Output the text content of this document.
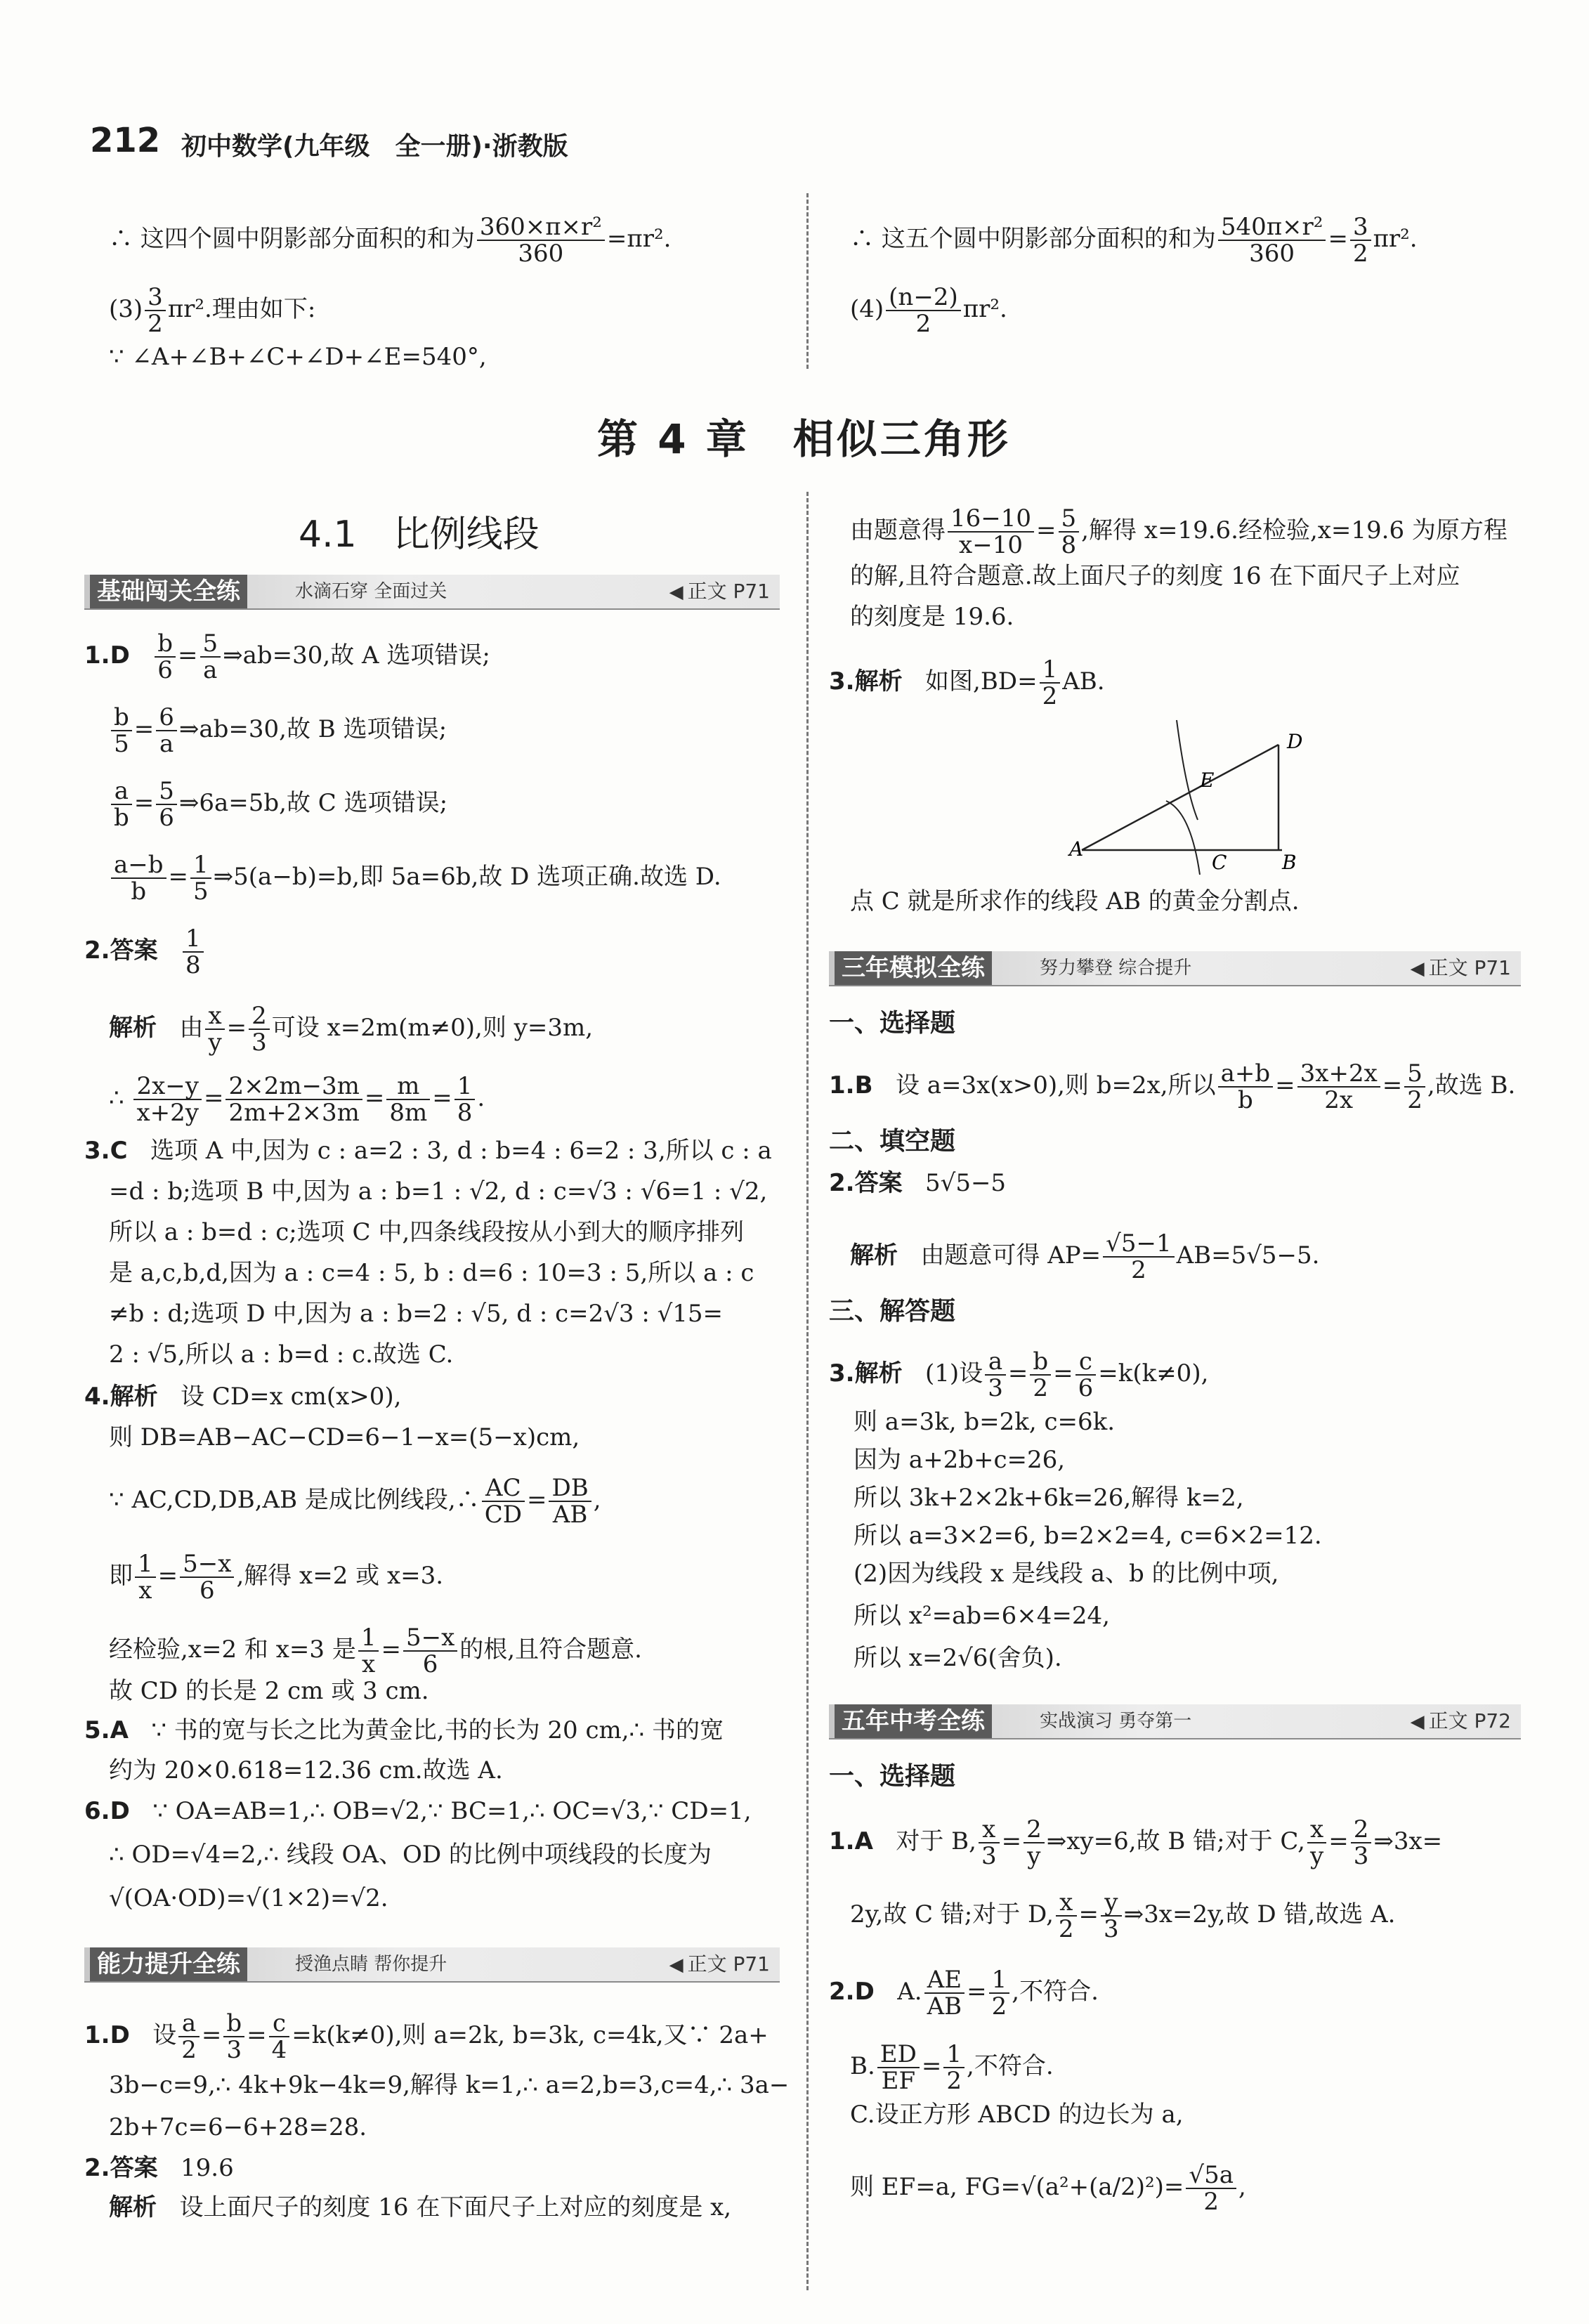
212 初中数学(九年级　全一册)·浙教版
∴ 这四个圆中阴影部分面积的和为 $\frac{\text{360×π×r²}}{360} =\pi r^2$.
$(3) \frac{3}{2} \pi r^2$.理由如下:
∵ ∠A+∠B+∠C+∠D+∠E=540°,
∴ 这五个圆中阴影部分面积的和为 $\frac{\text{540π×r²}}{360} = \frac{3}{2} \pi r^2$.
$(4) \frac{(n-2)}{2} \pi r^2$.
第 4 章　相似三角形
4.1　比例线段
基础闯关全练	水滴石穿 全面过关	◀ 正文 P71
$1.D \frac{b}{6} = \frac{5}{a}$ ⇒ab=30,故 A 选项错误;
$\frac{b}{5} = \frac{6}{a}$ ⇒ab=30,故 B 选项错误;
$\frac{a}{b} = \frac{5}{6}$ ⇒6a=5b,故 C 选项错误;
$\frac{a-b}{b} = \frac{1}{5}$ ⇒5(a−b)=b,即 5a=6b,故 D 选项正确.故选 D.
2.答案 $\frac{1}{8}$
解析 由 $\frac{x}{y} = \frac{2}{3}$ 可设 x=2m(m≠0),则 y=3m,
∴ $\frac{2x-y}{x+2y} = \frac{2\times 2m-3m}{2m+2\times 3m} = \frac{m}{8m} = \frac{1}{8}$ .
3.C 选项 A 中,因为 c : a=2 : 3, d : b=4 : 6=2 : 3,所以 c : a
=d : b;选项 B 中,因为 a : b=1 : √2, d : c=√3 : √6=1 : √2,
所以 a : b=d : c;选项 C 中,四条线段按从小到大的顺序排列
是 a,c,b,d,因为 a : c=4 : 5, b : d=6 : 10=3 : 5,所以 a : c
≠b : d;选项 D 中,因为 a : b=2 : √5, d : c=2√3 : √15=
2 : √5,所以 a : b=d : c.故选 C.
4.解析 设 CD=x cm(x>0),
则 DB=AB−AC−CD=6−1−x=(5−x)cm,
∵ AC,CD,DB,AB 是成比例线段,∴ $\frac{AC}{CD} = \frac{DB}{AB}$ ,
即 $\frac{1}{x} = \frac{5-x}{6}$ ,解得 x=2 或 x=3.
经检验,x=2 和 x=3 是 $\frac{1}{x} = \frac{5-x}{6}$ 的根,且符合题意.
故 CD 的长是 2 cm 或 3 cm.
5.A ∵ 书的宽与长之比为黄金比,书的长为 20 cm,∴ 书的宽
约为 20×0.618=12.36 cm.故选 A.
6.D ∵ OA=AB=1,∴ OB=√2,∵ BC=1,∴ OC=√3,∵ CD=1,
∴ OD=√4=2,∴ 线段 OA、OD 的比例中项线段的长度为
√(OA·OD)=√(1×2)=√2.
能力提升全练	授渔点睛 帮你提升	◀ 正文 P71
1.D 设 $\frac{a}{2} = \frac{b}{3} = \frac{c}{4} =k(k\ne 0)$,则 a=2k, b=3k, c=4k,又∵ 2a+
3b−c=9,∴ 4k+9k−4k=9,解得 k=1,∴ a=2,b=3,c=4,∴ 3a−
2b+7c=6−6+28=28.
2.答案 19.6
解析 设上面尺子的刻度 16 在下面尺子上对应的刻度是 x,
由题意得 $\frac{16-10}{x-10} = \frac{5}{8}$ ,解得 x=19.6.经检验,x=19.6 为原方程
的解,且符合题意.故上面尺子的刻度 16 在下面尺子上对应
的刻度是 19.6.
3.解析 如图$,BD= \frac{1}{2}$ AB.
A
B
C
D
E
点 C 就是所求作的线段 AB 的黄金分割点.
三年模拟全练	努力攀登 综合提升	◀ 正文 P71
一、选择题
1.B 设 a=3x(x>0),则 b=2x,所以 $\frac{a+b}{b} = \frac{3x+2x}{2x} = \frac{5}{2}$ ,故选 B.
二、填空题
2.答案 5√5−5
解析 由题意可得 $AP= \frac{√5-1}{2} AB=5√5-5$.
三、解答题
3.解析 (1)设 $\frac{a}{3} = \frac{b}{2} = \frac{c}{6} =k(k\ne 0)$,
则 a=3k, b=2k, c=6k.
因为 a+2b+c=26,
所以 3k+2×2k+6k=26,解得 k=2,
所以 a=3×2=6, b=2×2=4, c=6×2=12.
(2)因为线段 x 是线段 a、b 的比例中项,
所以 x²=ab=6×4=24,
所以 x=2√6(舍负).
五年中考全练	实战演习 勇夺第一	◀ 正文 P72
一、选择题
1.A 对于 B, $\frac{x}{3} = \frac{2}{y}$ ⇒xy=6,故 B 错;对于 C, $\frac{x}{y} = \frac{2}{3}$ ⇒3x=
2y,故 C 错;对于 D, $\frac{x}{2} = \frac{y}{3}$ ⇒3x=2y,故 D 错,故选 A.
2.D A. $\frac{AE}{AB} = \frac{1}{2}$ ,不符合.
B. $\frac{ED}{EF} = \frac{1}{2}$ ,不符合.
C.设正方形 ABCD 的边长为 a,
则 EF=a, $FG=√(a^2+(a/2)^2)= \frac{√5a}{2}$ ,
